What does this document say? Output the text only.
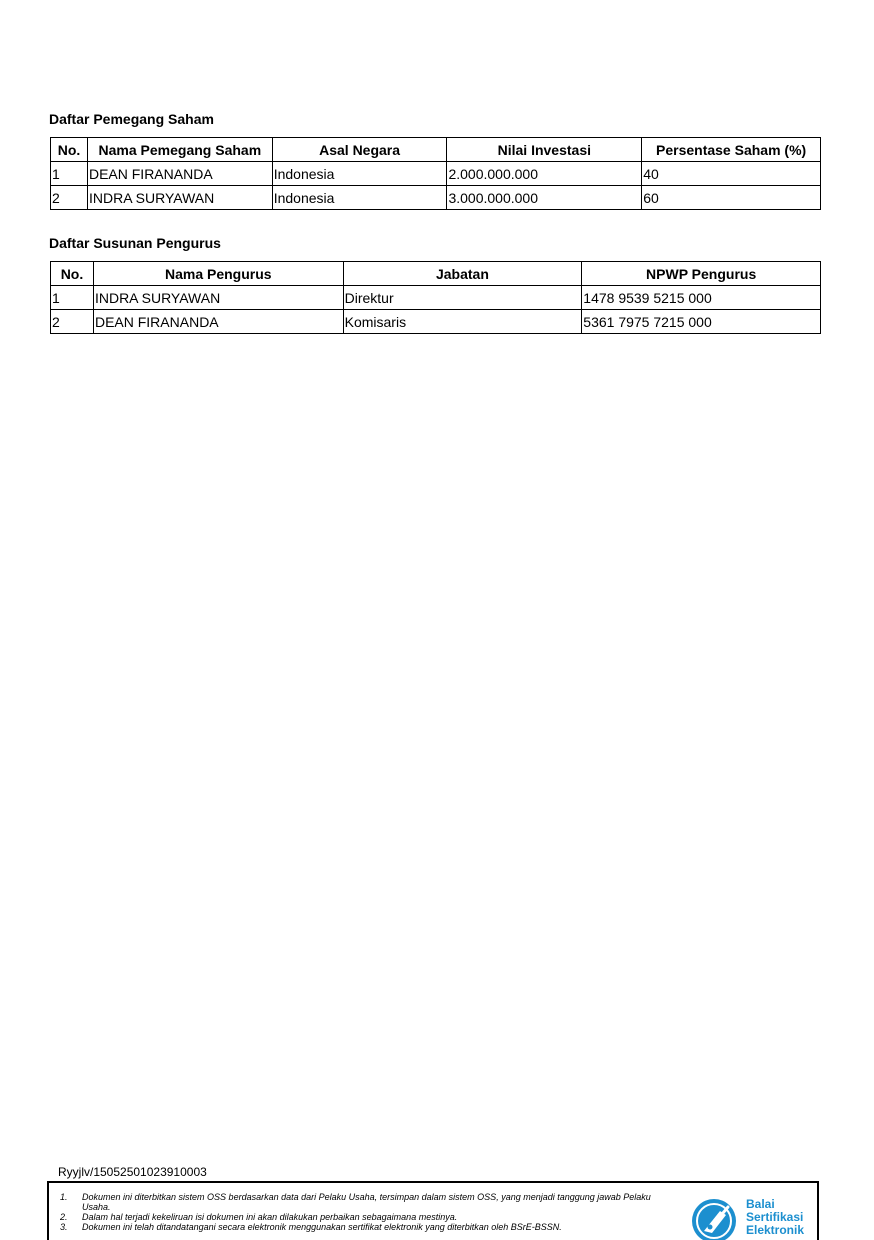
Daftar Pemegang Saham
No.	Nama Pemegang Saham	Asal Negara	Nilai Investasi	Persentase Saham (%)
1	DEAN FIRANANDA	Indonesia	2.000.000.000	40
2	INDRA SURYAWAN	Indonesia	3.000.000.000	60
Daftar Susunan Pengurus
No.	Nama Pengurus	Jabatan	NPWP Pengurus
1	INDRA SURYAWAN	Direktur	1478 9539 5215 000
2	DEAN FIRANANDA	Komisaris	5361 7975 7215 000
Ryyjlv/15052501023910003
1.	Dokumen ini diterbitkan sistem OSS berdasarkan data dari Pelaku Usaha, tersimpan dalam sistem OSS, yang menjadi tanggung jawab Pelaku Usaha.
2.	Dalam hal terjadi kekeliruan isi dokumen ini akan dilakukan perbaikan sebagaimana mestinya.
3.	Dokumen ini telah ditandatangani secara elektronik menggunakan sertifikat elektronik yang diterbitkan oleh BSrE-BSSN.
Balai
Sertifikasi
Elektronik
